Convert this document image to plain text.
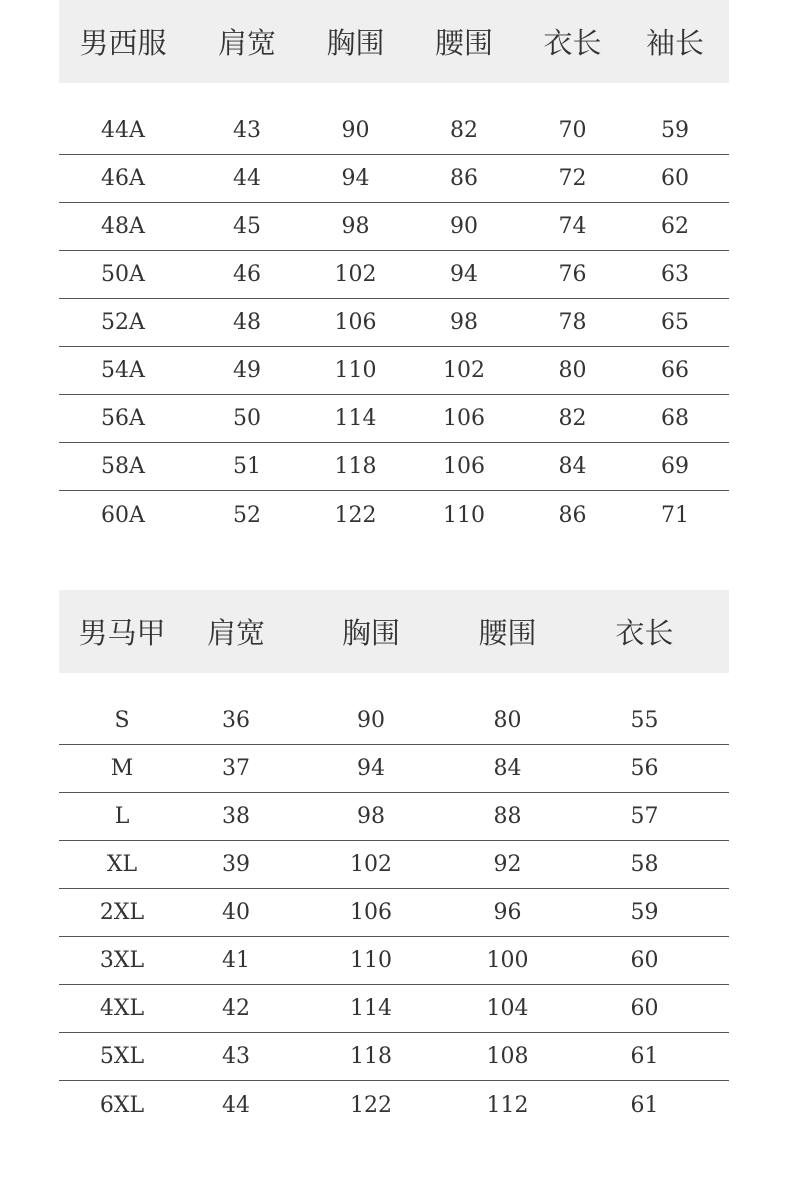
男西服	肩宽	胸围	腰围	衣长	袖长
44A	43	90	82	70	59
46A	44	94	86	72	60
48A	45	98	90	74	62
50A	46	102	94	76	63
52A	48	106	98	78	65
54A	49	110	102	80	66
56A	50	114	106	82	68
58A	51	118	106	84	69
60A	52	122	110	86	71
男马甲	肩宽	胸围	腰围	衣长
S	36	90	80	55
M	37	94	84	56
L	38	98	88	57
XL	39	102	92	58
2XL	40	106	96	59
3XL	41	110	100	60
4XL	42	114	104	60
5XL	43	118	108	61
6XL	44	122	112	61
